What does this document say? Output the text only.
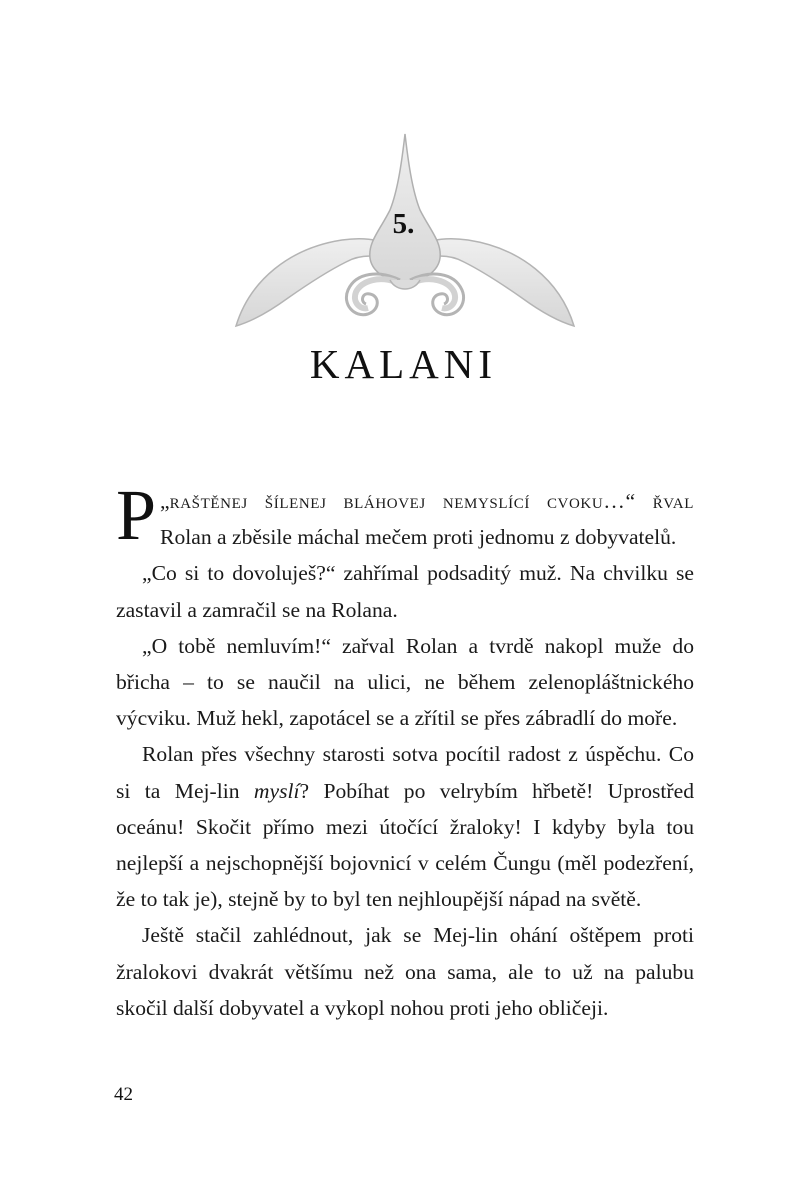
5.
KALANI

P „raštěnej šílenej bláhovej nemyslící cvoku…“ řval Rolan a zběsile máchal mečem proti jednomu z dobyvatelů.

„Co si to dovoluješ?“ zahřímal podsaditý muž. Na chvilku se zastavil a zamračil se na Rolana.

„O tobě nemluvím!“ zařval Rolan a tvrdě nakopl muže do břicha – to se naučil na ulici, ne během zelenopláštnického výcviku. Muž hekl, zapotácel se a zřítil se přes zábradlí do moře.

Rolan přes všechny starosti sotva pocítil radost z úspěchu. Co si ta Mej-lin myslí? Pobíhat po velrybím hřbetě! Uprostřed oceánu! Skočit přímo mezi útočící žraloky! I kdyby byla tou nejlepší a nejschopnější bojovnicí v celém Čungu (měl podezření, že to tak je), stejně by to byl ten nejhloupější nápad na světě.

Ještě stačil zahlédnout, jak se Mej-lin ohání oštěpem proti žralokovi dvakrát většímu než ona sama, ale to už na palubu skočil další dobyvatel a vykopl nohou proti jeho obličeji.

42
